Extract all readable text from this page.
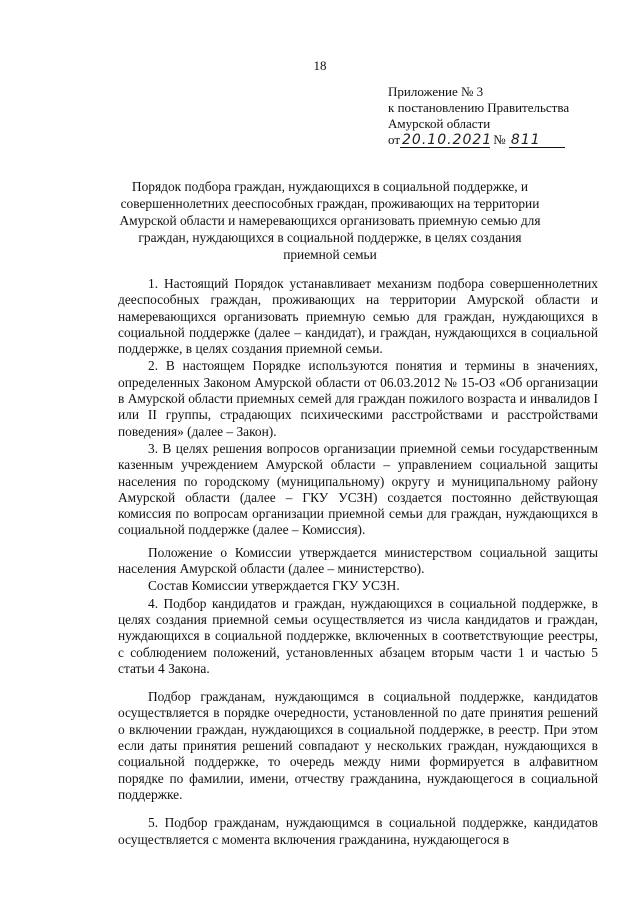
18
Приложение № 3
к постановлению Правительства
Амурской области
от 20.10.2021 № 811
Порядок подбора граждан, нуждающихся в социальной поддержке, и совершеннолетних дееспособных граждан, проживающих на территории Амурской области и намеревающихся организовать приемную семью для граждан, нуждающихся в социальной поддержке, в целях создания приемной семьи

1. Настоящий Порядок устанавливает механизм подбора совершеннолетних дееспособных граждан, проживающих на территории Амурской области и намеревающихся организовать приемную семью для граждан, нуждающихся в социальной поддержке (далее – кандидат), и граждан, нуждающихся в социальной поддержке, в целях создания приемной семьи.

2. В настоящем Порядке используются понятия и термины в значениях, определенных Законом Амурской области от 06.03.2012 № 15-ОЗ «Об организации в Амурской области приемных семей для граждан пожилого возраста и инвалидов I или II группы, страдающих психическими расстройствами и расстройствами поведения» (далее – Закон).

3. В целях решения вопросов организации приемной семьи государственным казенным учреждением Амурской области – управлением социальной защиты населения по городскому (муниципальному) округу и муниципальному району Амурской области (далее – ГКУ УСЗН) создается постоянно действующая комиссия по вопросам организации приемной семьи для граждан, нуждающихся в социальной поддержке (далее – Комиссия).

Положение о Комиссии утверждается министерством социальной защиты населения Амурской области (далее – министерство).

Состав Комиссии утверждается ГКУ УСЗН.

4. Подбор кандидатов и граждан, нуждающихся в социальной поддержке, в целях создания приемной семьи осуществляется из числа кандидатов и граждан, нуждающихся в социальной поддержке, включенных в соответствующие реестры, с соблюдением положений, установленных абзацем вторым части 1 и частью 5 статьи 4 Закона.

Подбор гражданам, нуждающимся в социальной поддержке, кандидатов осуществляется в порядке очередности, установленной по дате принятия решений о включении граждан, нуждающихся в социальной поддержке, в реестр. При этом если даты принятия решений совпадают у нескольких граждан, нуждающихся в социальной поддержке, то очередь между ними формируется в алфавитном порядке по фамилии, имени, отчеству гражданина, нуждающегося в социальной поддержке.

5. Подбор гражданам, нуждающимся в социальной поддержке, кандидатов осуществляется с момента включения гражданина, нуждающегося в
